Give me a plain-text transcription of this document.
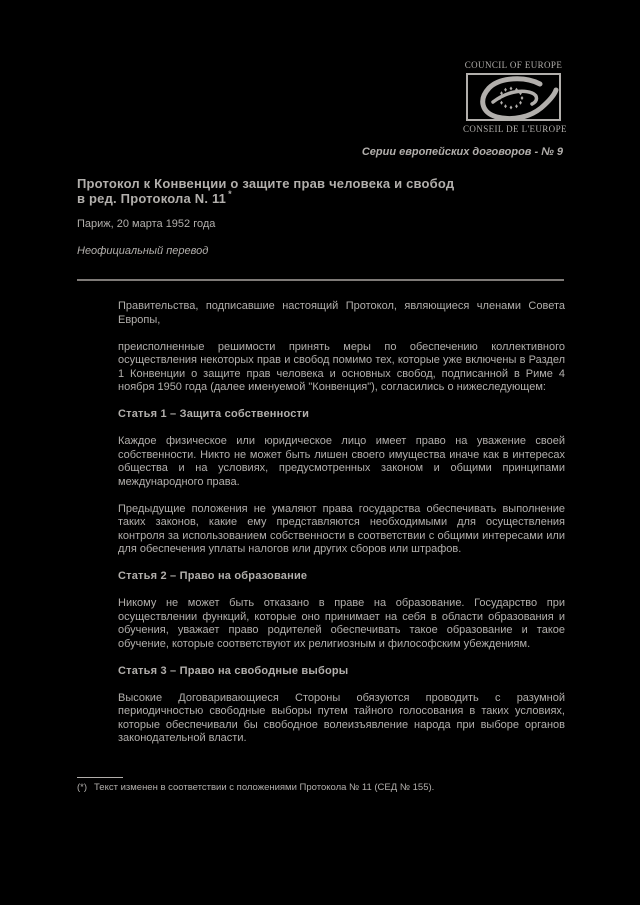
COUNCIL OF EUROPE
CONSEIL DE L'EUROPE
Серии европейских договоров - № 9
Протокол к Конвенции о защите прав человека и свобод
в ред. Протокола N. 11 *
Париж, 20 марта 1952 года
Неофициальный перевод

Правительства, подписавшие настоящий Протокол, являющиеся членами Совета Европы,

преисполненные решимости принять меры по обеспечению коллективного осуществления некоторых прав и свобод помимо тех, которые уже включены в Раздел 1 Конвенции о защите прав человека и основных свобод, подписанной в Риме 4 ноября 1950 года (далее именуемой "Конвенция"), согласились о нижеследующем:

Статья 1 – Защита собственности

Каждое физическое или юридическое лицо имеет право на уважение своей собственности. Никто не может быть лишен своего имущества иначе как в интересах общества и на условиях, предусмотренных законом и общими принципами международного права.

Предыдущие положения не умаляют права государства обеспечивать выполнение таких законов, какие ему представляются необходимыми для осуществления контроля за использованием собственности в соответствии с общими интересами или для обеспечения уплаты налогов или других сборов или штрафов.

Статья 2 – Право на образование

Никому не может быть отказано в праве на образование. Государство при осуществлении функций, которые оно принимает на себя в области образования и обучения, уважает право родителей обеспечивать такое образование и такое обучение, которые соответствуют их религиозным и философским убеждениям.

Статья 3 – Право на свободные выборы

Высокие Договаривающиеся Стороны обязуются проводить с разумной периодичностью свободные выборы путем тайного голосования в таких условиях, которые обеспечивали бы свободное волеизъявление народа при выборе органов законодательной власти.

(*) Текст изменен в соответствии с положениями Протокола № 11 (СЕД № 155).
